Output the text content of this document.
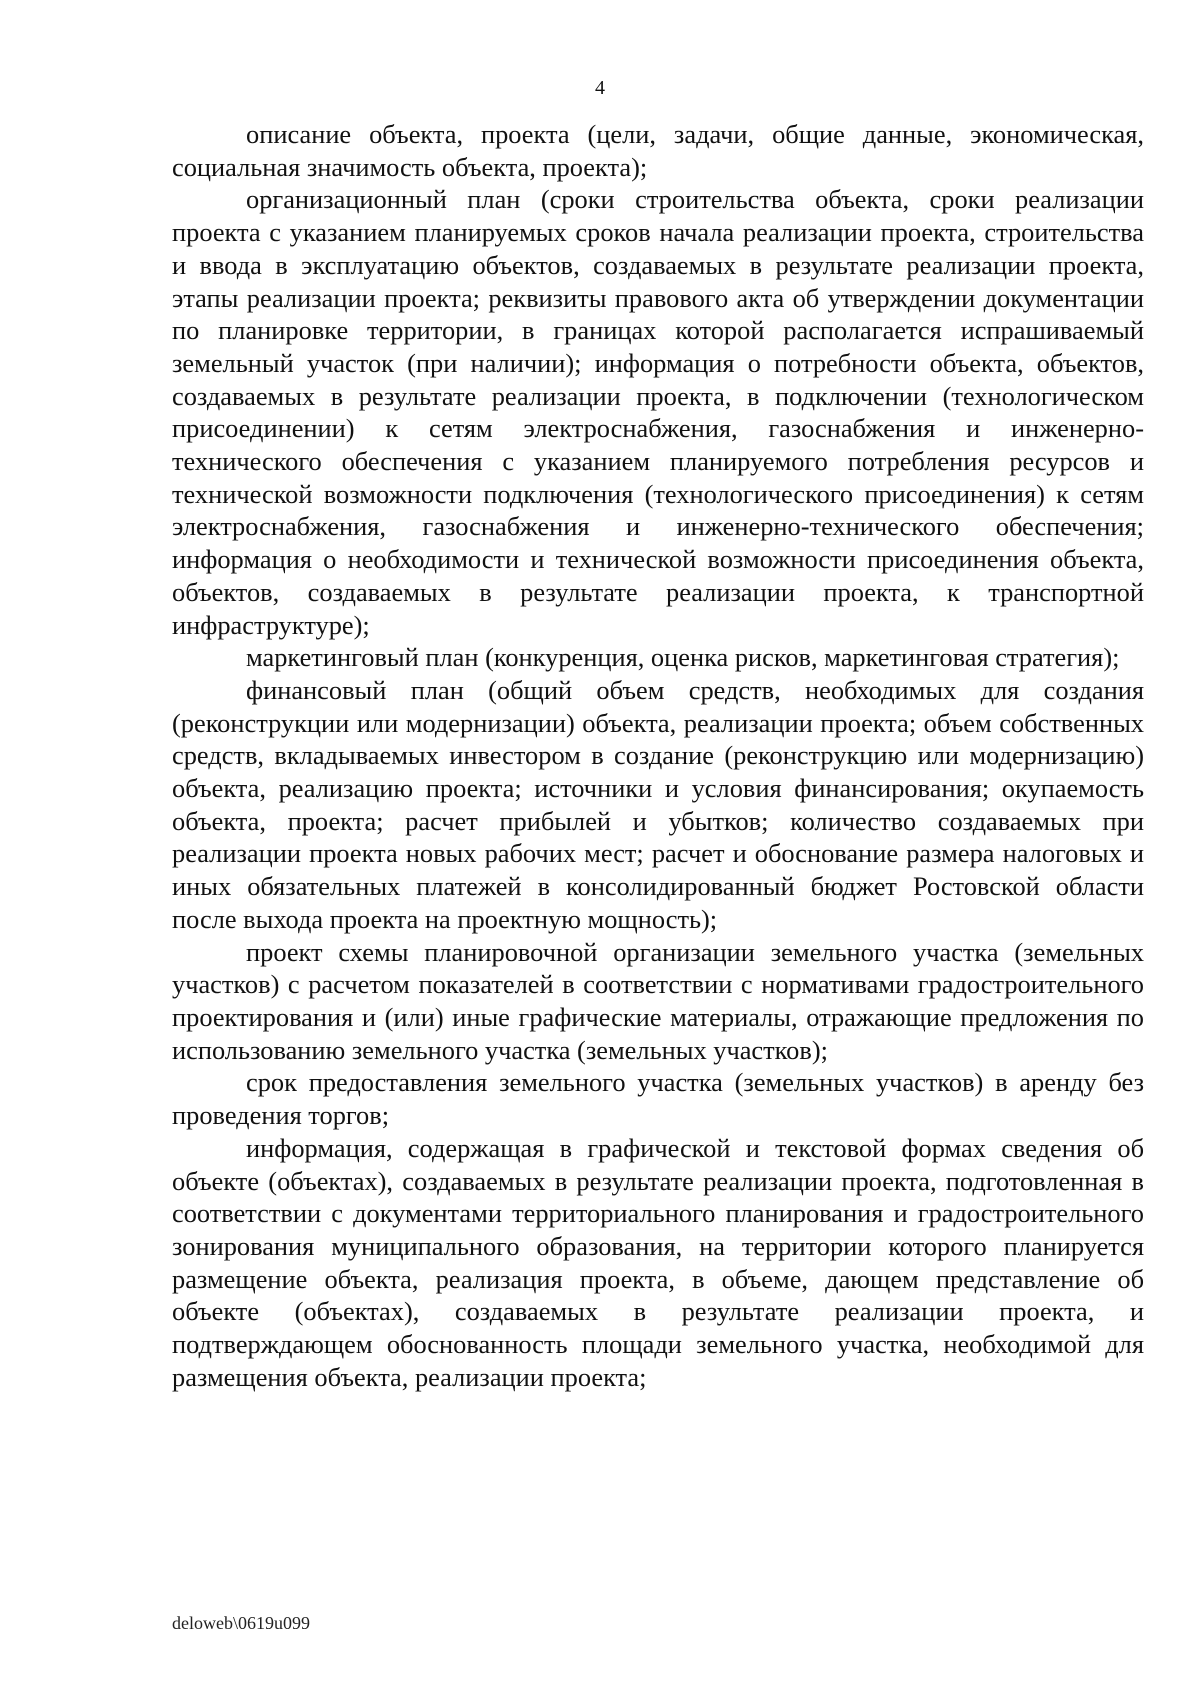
4

описание объекта, проекта (цели, задачи, общие данные, экономическая, социальная значимость объекта, проекта);

организационный план (сроки строительства объекта, сроки реализации проекта с указанием планируемых сроков начала реализации проекта, строительства и ввода в эксплуатацию объектов, создаваемых в результате реализации проекта, этапы реализации проекта; реквизиты правового акта об утверждении документации по планировке территории, в границах которой располагается испрашиваемый земельный участок (при наличии); информация о потребности объекта, объектов, создаваемых в результате реализации проекта, в подключении (технологическом присоединении) к сетям электроснабжения, газоснабжения и инженерно-технического обеспечения с указанием планируемого потребления ресурсов и технической возможности подключения (технологического присоединения) к сетям электроснабжения, газоснабжения и инженерно-технического обеспечения; информация о необходимости и технической возможности присоединения объекта, объектов, создаваемых в результате реализации проекта, к транспортной инфраструктуре);

маркетинговый план (конкуренция, оценка рисков, маркетинговая стратегия);

финансовый план (общий объем средств, необходимых для создания (реконструкции или модернизации) объекта, реализации проекта; объем собственных средств, вкладываемых инвестором в создание (реконструкцию или модернизацию) объекта, реализацию проекта; источники и условия финансирования; окупаемость объекта, проекта; расчет прибылей и убытков; количество создаваемых при реализации проекта новых рабочих мест; расчет и обоснование размера налоговых и иных обязательных платежей в консолидированный бюджет Ростовской области после выхода проекта на проектную мощность);

проект схемы планировочной организации земельного участка (земельных участков) с расчетом показателей в соответствии с нормативами градостроительного проектирования и (или) иные графические материалы, отражающие предложения по использованию земельного участка (земельных участков);

срок предоставления земельного участка (земельных участков) в аренду без проведения торгов;

информация, содержащая в графической и текстовой формах сведения об объекте (объектах), создаваемых в результате реализации проекта, подготовленная в соответствии с документами территориального планирования и градостроительного зонирования муниципального образования, на территории которого планируется размещение объекта, реализация проекта, в объеме, дающем представление об объекте (объектах), создаваемых в результате реализации проекта, и подтверждающем обоснованность площади земельного участка, необходимой для размещения объекта, реализации проекта;

deloweb\0619u099
